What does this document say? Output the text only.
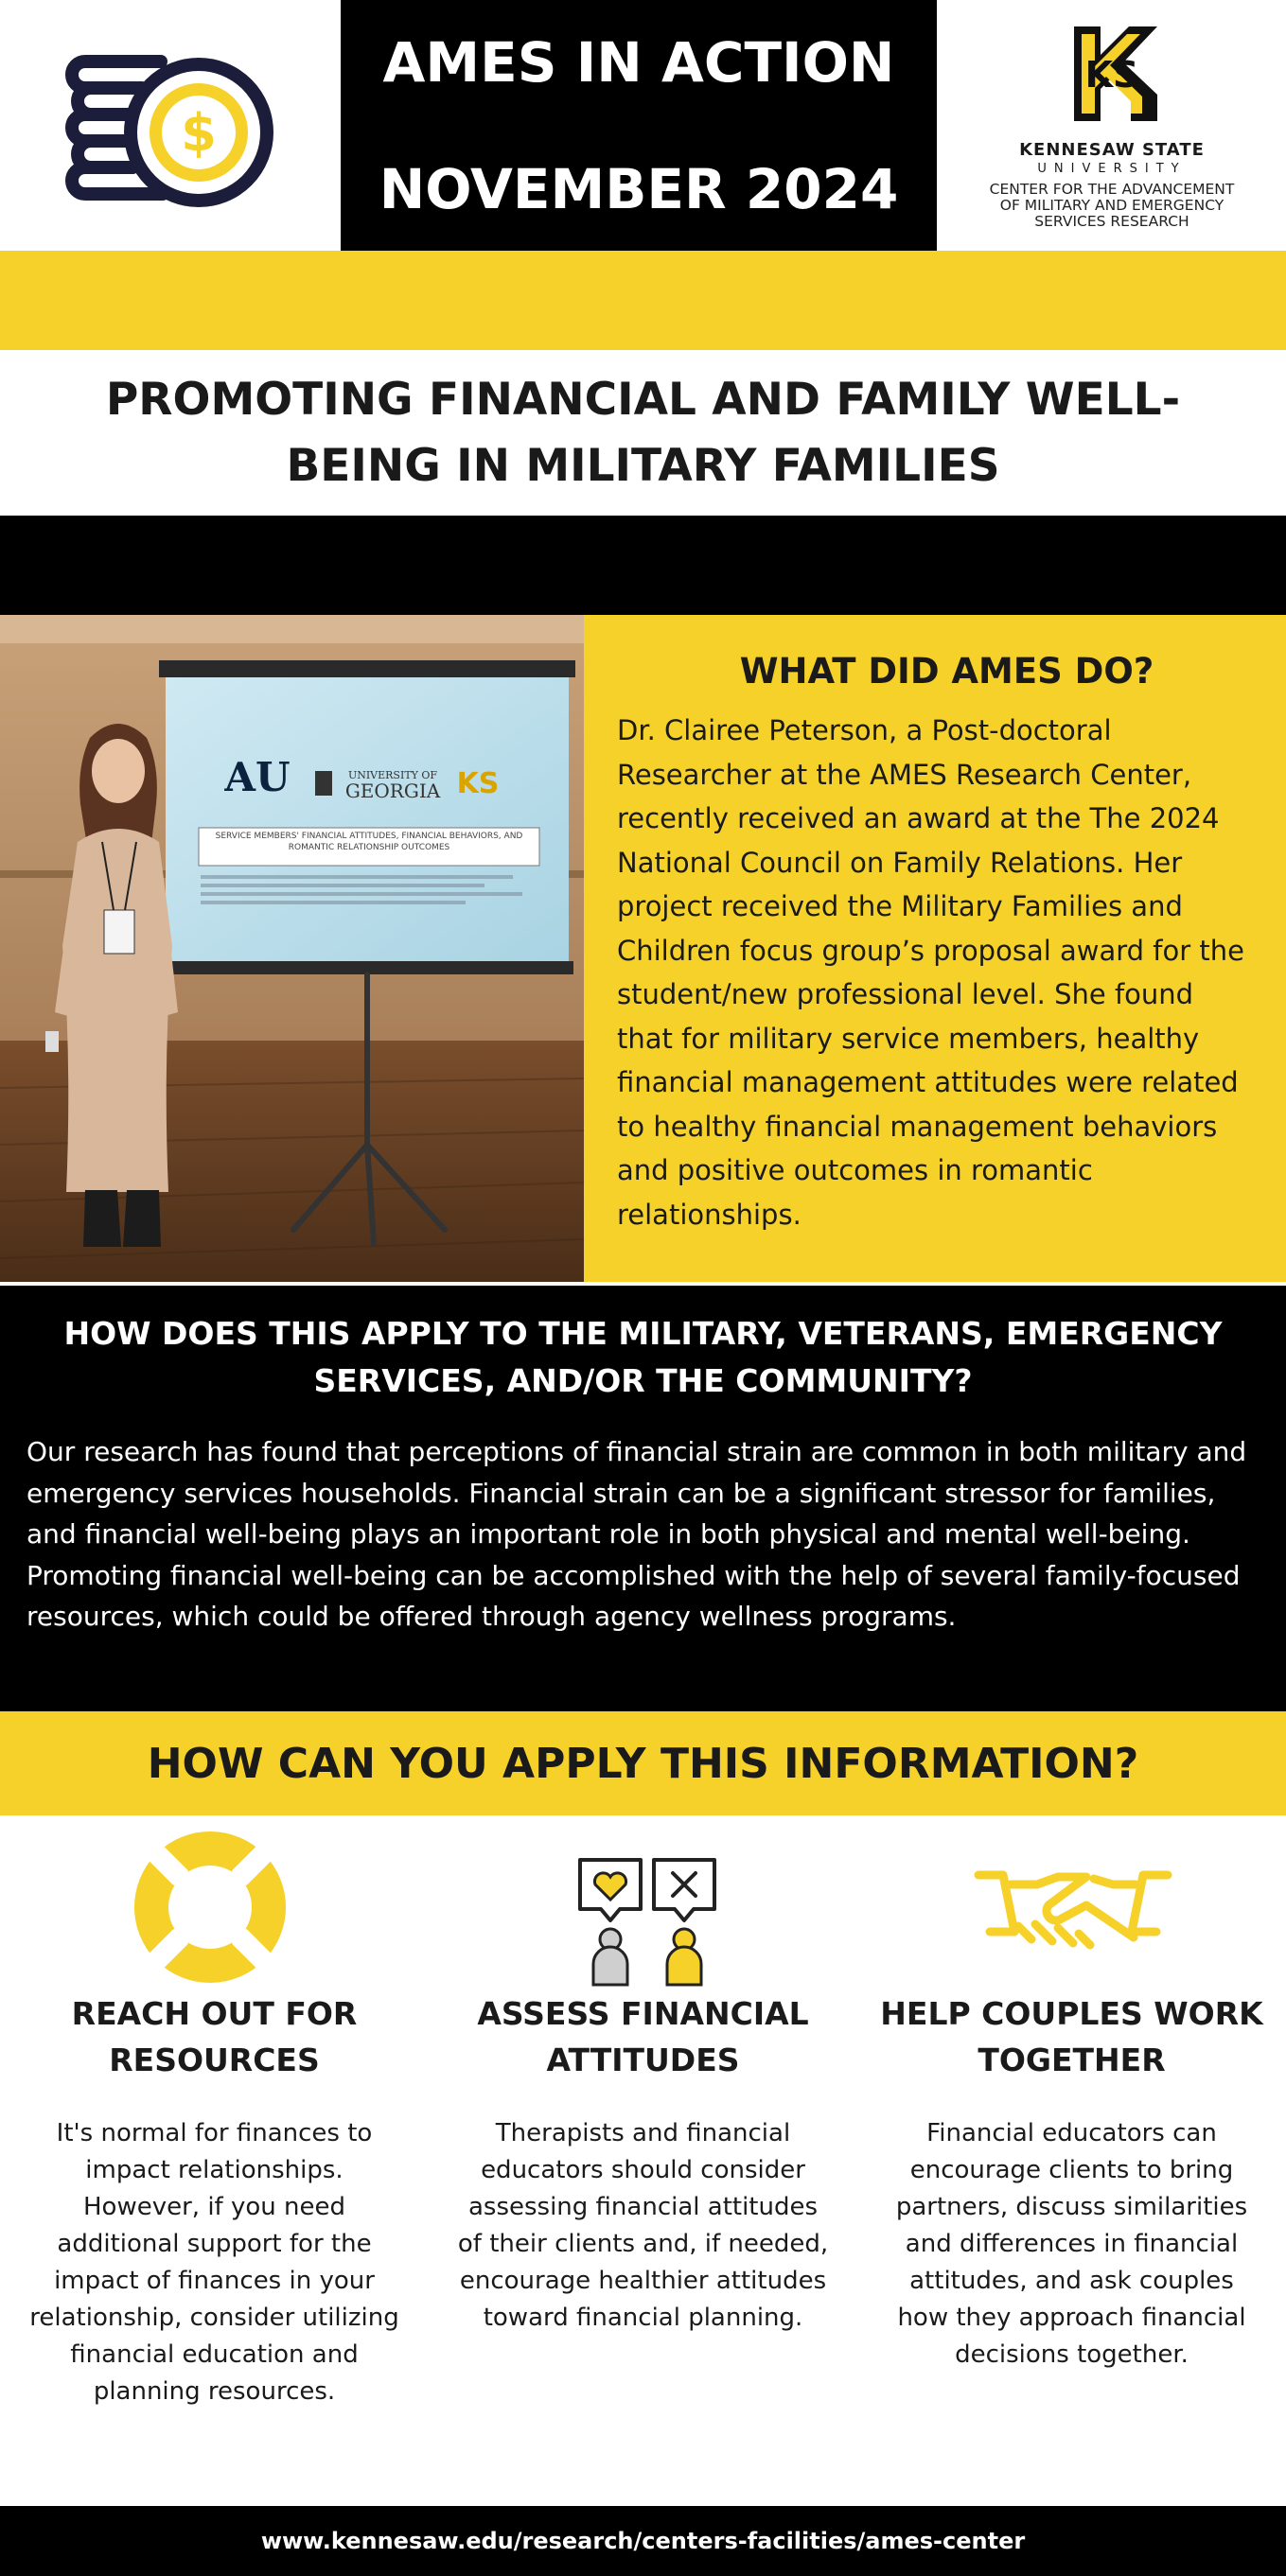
$
AMES IN ACTION
NOVEMBER 2024
KS
KENNESAW STATE
UNIVERSITY
CENTER FOR THE ADVANCEMENT
OF MILITARY AND EMERGENCY
SERVICES RESEARCH
PROMOTING FINANCIAL AND FAMILY WELL-BEING IN MILITARY FAMILIES
AU	UNIVERSITY OF
GEORGIA KS
SERVICE MEMBERS' FINANCIAL ATTITUDES, FINANCIAL BEHAVIORS, AND ROMANTIC RELATIONSHIP OUTCOMES
WHAT DID AMES DO?

Dr. Clairee Peterson, a Post-doctoral Researcher at the AMES Research Center, recently received an award at the The 2024 National Council on Family Relations. Her project received the Military Families and Children focus group’s proposal award for the student/new professional level. She found that for military service members, healthy financial management attitudes were related to healthy financial management behaviors and positive outcomes in romantic relationships.

HOW DOES THIS APPLY TO THE MILITARY, VETERANS, EMERGENCY SERVICES, AND/OR THE COMMUNITY?

Our research has found that perceptions of financial strain are common in both military and emergency services households. Financial strain can be a significant stressor for families, and financial well-being plays an important role in both physical and mental well-being. Promoting financial well-being can be accomplished with the help of several family-focused resources, which could be offered through agency wellness programs.

HOW CAN YOU APPLY THIS INFORMATION?
REACH OUT FOR RESOURCES

It's normal for finances to impact relationships. However, if you need additional support for the impact of finances in your relationship, consider utilizing financial education and planning resources.

ASSESS FINANCIAL ATTITUDES

Therapists and financial educators should consider assessing financial attitudes of their clients and, if needed, encourage healthier attitudes toward financial planning.

HELP COUPLES WORK TOGETHER

Financial educators can encourage clients to bring partners, discuss similarities and differences in financial attitudes, and ask couples how they approach financial decisions together.

www.kennesaw.edu/research/centers-facilities/ames-center
